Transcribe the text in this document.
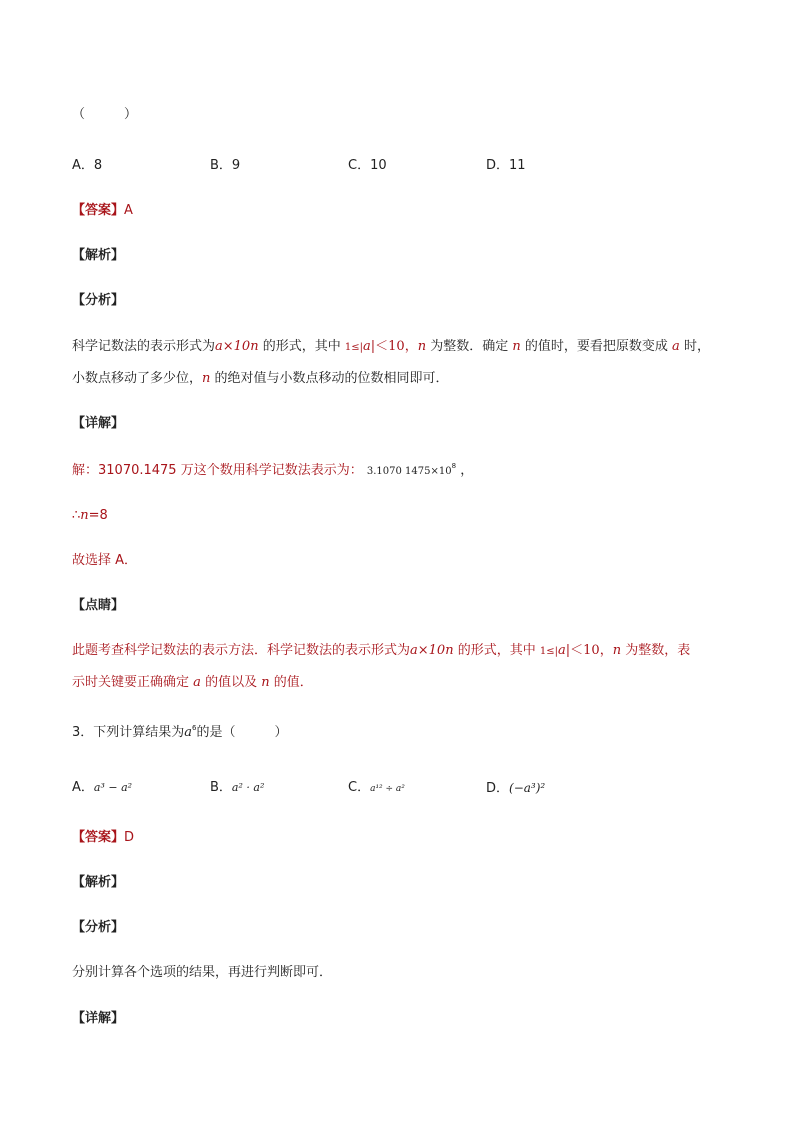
（　　　）
A．8	B．9	C．10	D．11
【答案】A
【解析】
【分析】
科学记数法的表示形式为a×10n 的形式，其中 1≤|a|＜10，n 为整数．确定 n 的值时，要看把原数变成 a 时，
小数点移动了多少位，n 的绝对值与小数点移动的位数相同即可．
【详解】
解：31070.1475 万这个数用科学记数法表示为： 3.1070 $1475\times 10^8$ ，
∴n=8
故选择 A．
【点睛】
此题考查科学记数法的表示方法．科学记数法的表示形式为a×10n 的形式，其中 1≤|a|＜10，n 为整数，表
示时关键要正确确定 a 的值以及 n 的值．
3．下列计算结果为$a^6$的是（　　　）
A．a³ − a²	B．a² · a²	C．a¹² ÷ a²	D．(−a³)²
【答案】D
【解析】
【分析】
分别计算各个选项的结果，再进行判断即可．
【详解】
